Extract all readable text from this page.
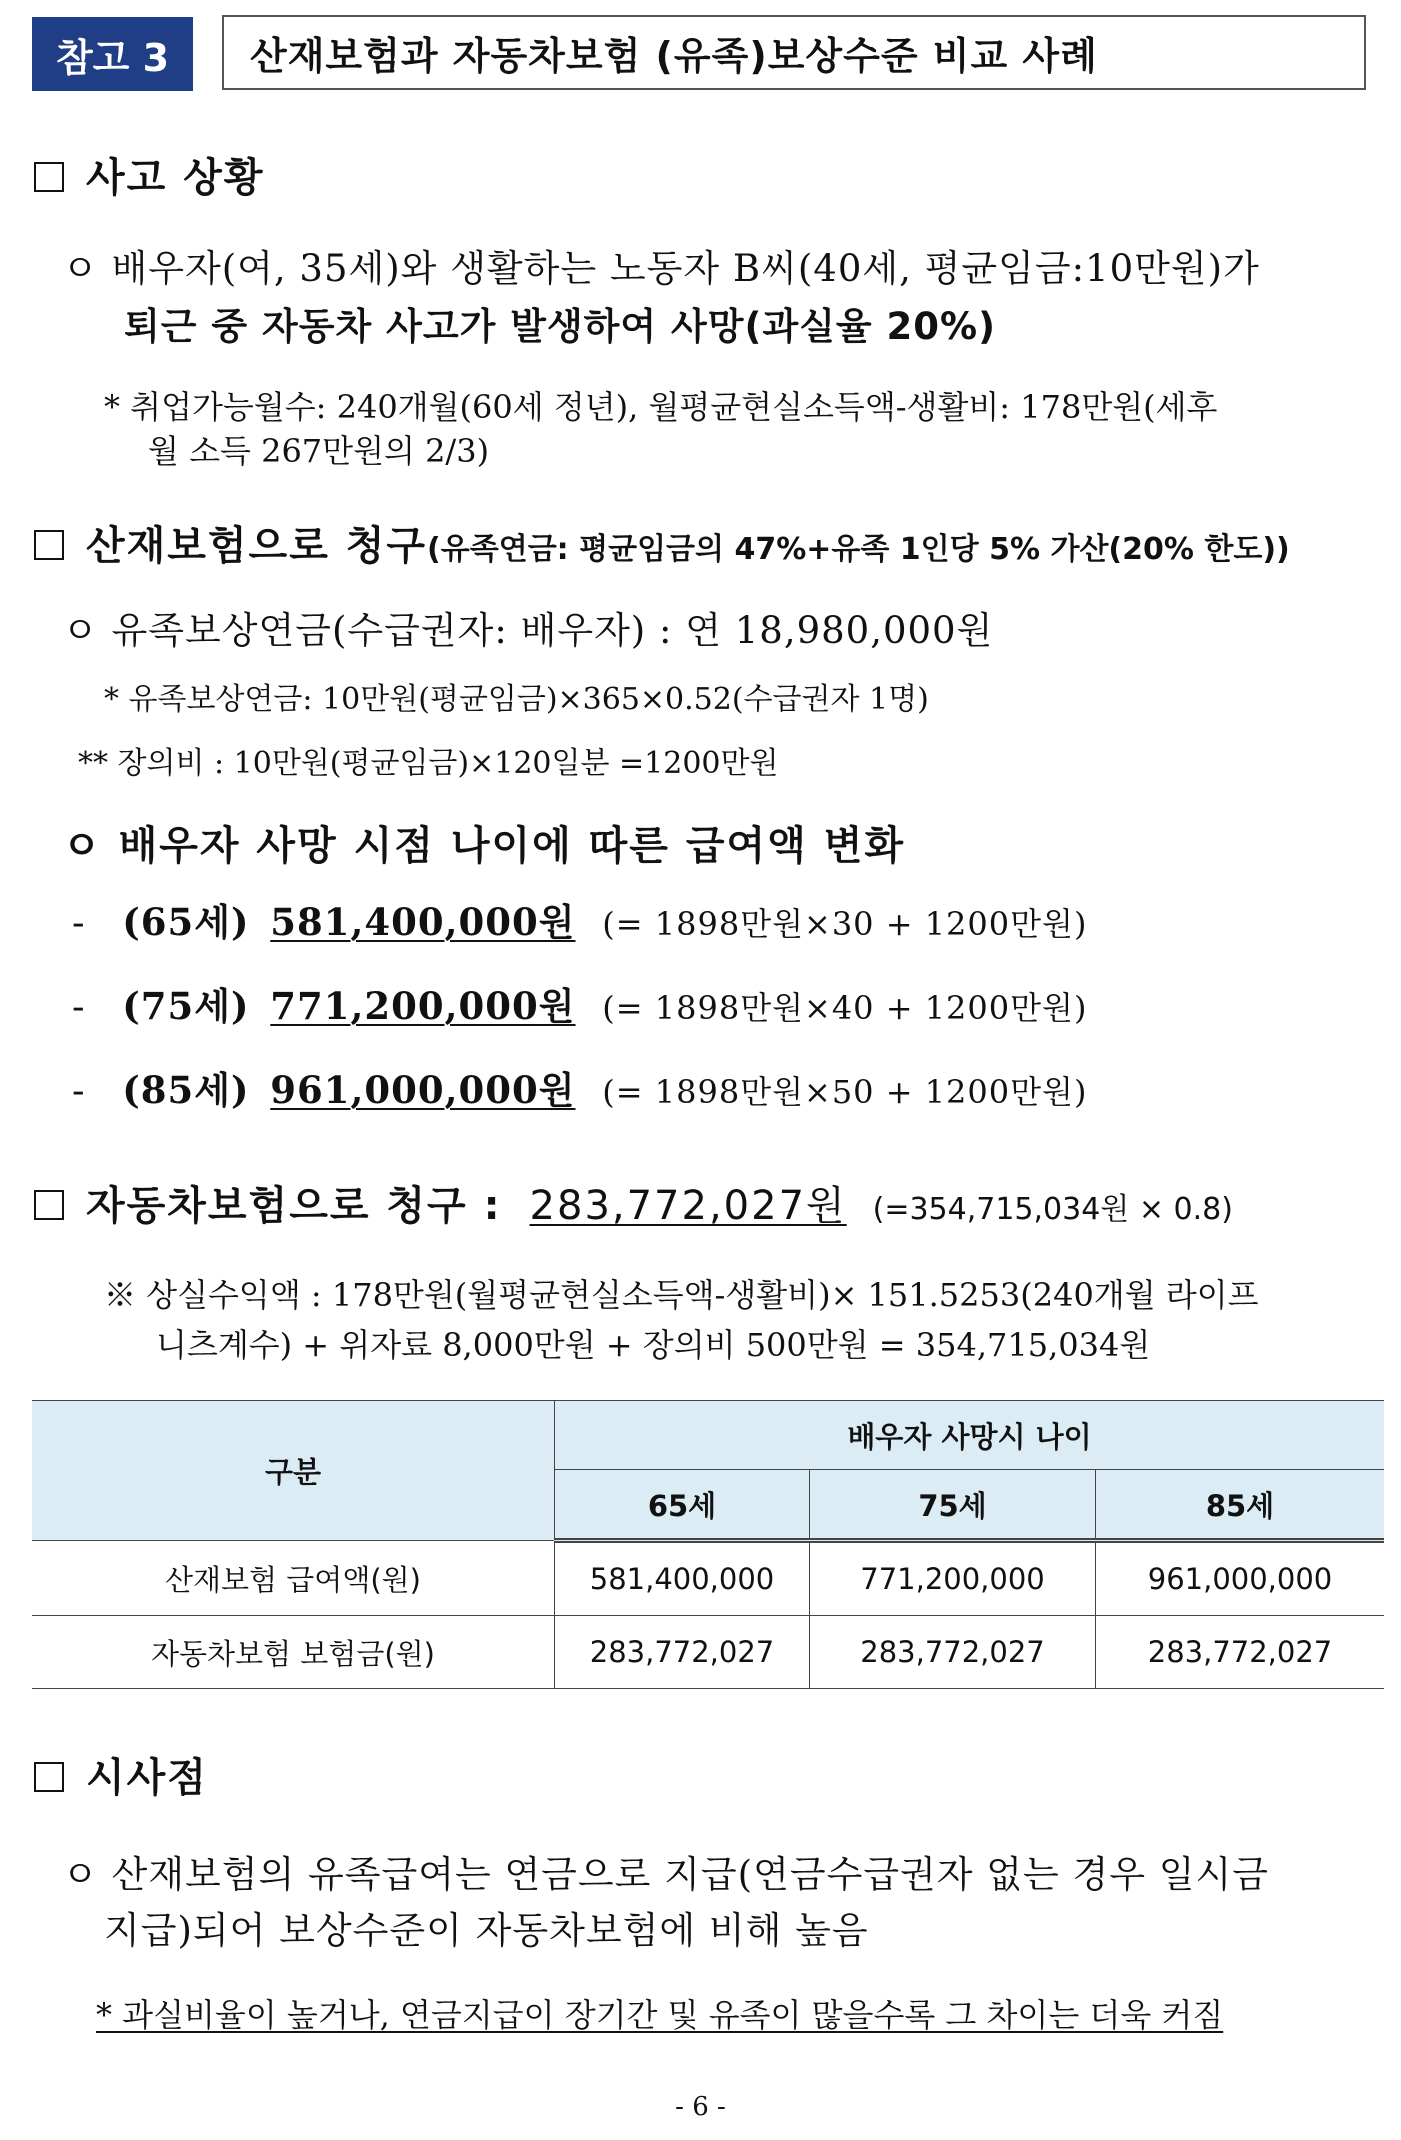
참고 3	산재보험과 자동차보험 (유족)보상수준 비교 사례
사고 상황
ㅇ 배우자(여, 35세)와 생활하는 노동자 B씨(40세, 평균임금:10만원)가
퇴근 중 자동차 사고가 발생하여 사망(과실율 20%)
* 취업가능월수: 240개월(60세 정년), 월평균현실소득액-생활비: 178만원(세후
월 소득 267만원의 2/3)
산재보험으로 청구(유족연금: 평균임금의 47%+유족 1인당 5% 가산(20% 한도))
ㅇ 유족보상연금(수급권자: 배우자) : 연 18,980,000원
* 유족보상연금: 10만원(평균임금)×365×0.52(수급권자 1명)
** 장의비 : 10만원(평균임금)×120일분 =1200만원
ㅇ 배우자 사망 시점 나이에 따른 급여액 변화
- (65세) 581,400,000원 (= 1898만원×30 + 1200만원)
- (75세) 771,200,000원 (= 1898만원×40 + 1200만원)
- (85세) 961,000,000원 (= 1898만원×50 + 1200만원)
자동차보험으로 청구 : 283,772,027원 (=354,715,034원 × 0.8)
※ 상실수익액 : 178만원(월평균현실소득액-생활비)× 151.5253(240개월 라이프
니츠계수) + 위자료 8,000만원 + 장의비 500만원 = 354,715,034원
구분	배우자 사망시 나이		
	65세	75세	85세
산재보험 급여액(원)	581,400,000	771,200,000	961,000,000
자동차보험 보험금(원)	283,772,027	283,772,027	283,772,027
시사점
ㅇ 산재보험의 유족급여는 연금으로 지급(연금수급권자 없는 경우 일시금
지급)되어 보상수준이 자동차보험에 비해 높음
* 과실비율이 높거나, 연금지급이 장기간 및 유족이 많을수록 그 차이는 더욱 커짐
- 6 -
